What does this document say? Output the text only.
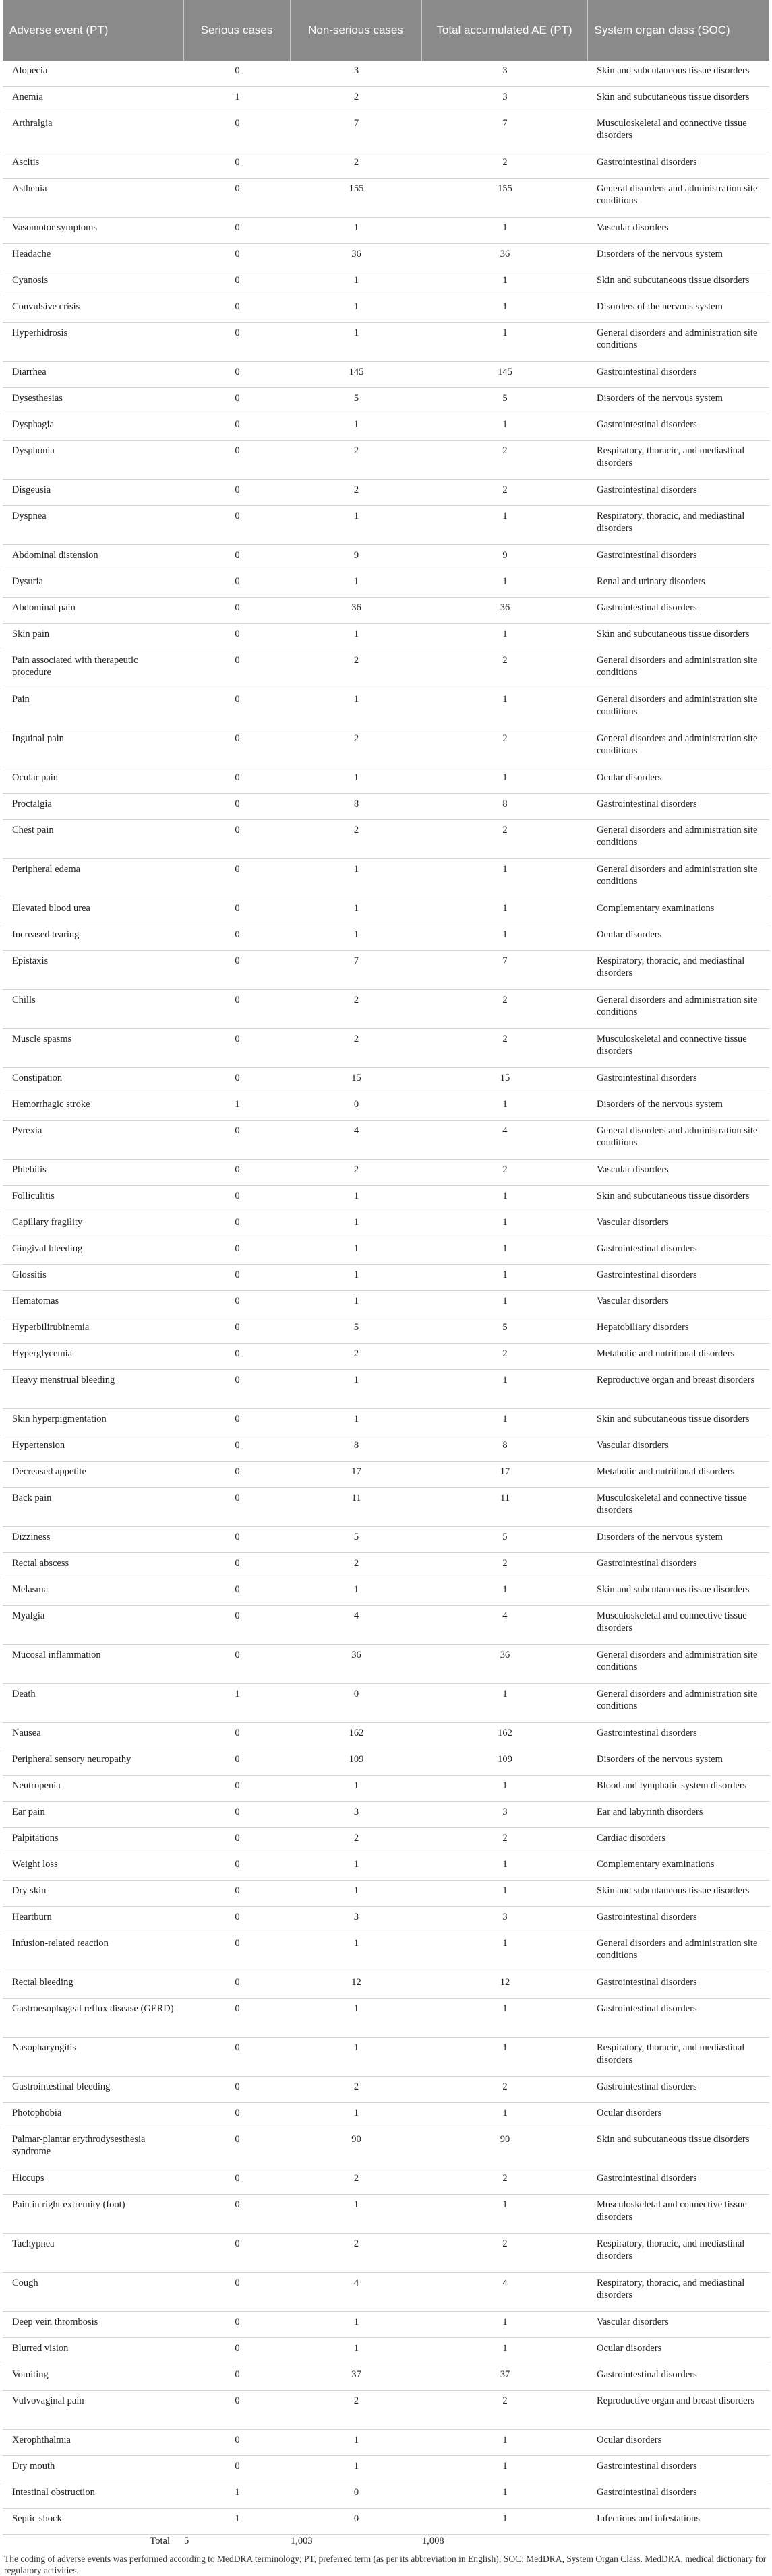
Adverse event (PT)	Serious cases	Non-serious cases	Total accumulated AE (PT)	System organ class (SOC)
Alopecia	0	3	3	Skin and subcutaneous tissue disorders
Anemia	1	2	3	Skin and subcutaneous tissue disorders
Arthralgia	0	7	7	Musculoskeletal and connective tissue disorders
Ascitis	0	2	2	Gastrointestinal disorders
Asthenia	0	155	155	General disorders and administration site conditions
Vasomotor symptoms	0	1	1	Vascular disorders
Headache	0	36	36	Disorders of the nervous system
Cyanosis	0	1	1	Skin and subcutaneous tissue disorders
Convulsive crisis	0	1	1	Disorders of the nervous system
Hyperhidrosis	0	1	1	General disorders and administration site conditions
Diarrhea	0	145	145	Gastrointestinal disorders
Dysesthesias	0	5	5	Disorders of the nervous system
Dysphagia	0	1	1	Gastrointestinal disorders
Dysphonia	0	2	2	Respiratory, thoracic, and mediastinal disorders
Disgeusia	0	2	2	Gastrointestinal disorders
Dyspnea	0	1	1	Respiratory, thoracic, and mediastinal disorders
Abdominal distension	0	9	9	Gastrointestinal disorders
Dysuria	0	1	1	Renal and urinary disorders
Abdominal pain	0	36	36	Gastrointestinal disorders
Skin pain	0	1	1	Skin and subcutaneous tissue disorders
Pain associated with therapeutic procedure	0	2	2	General disorders and administration site conditions
Pain	0	1	1	General disorders and administration site conditions
Inguinal pain	0	2	2	General disorders and administration site conditions
Ocular pain	0	1	1	Ocular disorders
Proctalgia	0	8	8	Gastrointestinal disorders
Chest pain	0	2	2	General disorders and administration site conditions
Peripheral edema	0	1	1	General disorders and administration site conditions
Elevated blood urea	0	1	1	Complementary examinations
Increased tearing	0	1	1	Ocular disorders
Epistaxis	0	7	7	Respiratory, thoracic, and mediastinal disorders
Chills	0	2	2	General disorders and administration site conditions
Muscle spasms	0	2	2	Musculoskeletal and connective tissue disorders
Constipation	0	15	15	Gastrointestinal disorders
Hemorrhagic stroke	1	0	1	Disorders of the nervous system
Pyrexia	0	4	4	General disorders and administration site conditions
Phlebitis	0	2	2	Vascular disorders
Folliculitis	0	1	1	Skin and subcutaneous tissue disorders
Capillary fragility	0	1	1	Vascular disorders
Gingival bleeding	0	1	1	Gastrointestinal disorders
Glossitis	0	1	1	Gastrointestinal disorders
Hematomas	0	1	1	Vascular disorders
Hyperbilirubinemia	0	5	5	Hepatobiliary disorders
Hyperglycemia	0	2	2	Metabolic and nutritional disorders
Heavy menstrual bleeding	0	1	1	Reproductive organ and breast disorders
Skin hyperpigmentation	0	1	1	Skin and subcutaneous tissue disorders
Hypertension	0	8	8	Vascular disorders
Decreased appetite	0	17	17	Metabolic and nutritional disorders
Back pain	0	11	11	Musculoskeletal and connective tissue disorders
Dizziness	0	5	5	Disorders of the nervous system
Rectal abscess	0	2	2	Gastrointestinal disorders
Melasma	0	1	1	Skin and subcutaneous tissue disorders
Myalgia	0	4	4	Musculoskeletal and connective tissue disorders
Mucosal inflammation	0	36	36	General disorders and administration site conditions
Death	1	0	1	General disorders and administration site conditions
Nausea	0	162	162	Gastrointestinal disorders
Peripheral sensory neuropathy	0	109	109	Disorders of the nervous system
Neutropenia	0	1	1	Blood and lymphatic system disorders
Ear pain	0	3	3	Ear and labyrinth disorders
Palpitations	0	2	2	Cardiac disorders
Weight loss	0	1	1	Complementary examinations
Dry skin	0	1	1	Skin and subcutaneous tissue disorders
Heartburn	0	3	3	Gastrointestinal disorders
Infusion-related reaction	0	1	1	General disorders and administration site conditions
Rectal bleeding	0	12	12	Gastrointestinal disorders
Gastroesophageal reflux disease (GERD)	0	1	1	Gastrointestinal disorders
Nasopharyngitis	0	1	1	Respiratory, thoracic, and mediastinal disorders
Gastrointestinal bleeding	0	2	2	Gastrointestinal disorders
Photophobia	0	1	1	Ocular disorders
Palmar-plantar erythrodysesthesia syndrome	0	90	90	Skin and subcutaneous tissue disorders
Hiccups	0	2	2	Gastrointestinal disorders
Pain in right extremity (foot)	0	1	1	Musculoskeletal and connective tissue disorders
Tachypnea	0	2	2	Respiratory, thoracic, and mediastinal disorders
Cough	0	4	4	Respiratory, thoracic, and mediastinal disorders
Deep vein thrombosis	0	1	1	Vascular disorders
Blurred vision	0	1	1	Ocular disorders
Vomiting	0	37	37	Gastrointestinal disorders
Vulvovaginal pain	0	2	2	Reproductive organ and breast disorders
Xerophthalmia	0	1	1	Ocular disorders
Dry mouth	0	1	1	Gastrointestinal disorders
Intestinal obstruction	1	0	1	Gastrointestinal disorders
Septic shock	1	0	1	Infections and infestations
Total	5	1,003	1,008	
The coding of adverse events was performed according to MedDRA terminology; PT, preferred term (as per its abbreviation in English); SOC: MedDRA, System Organ Class. MedDRA, medical dictionary for regulatory activities.
